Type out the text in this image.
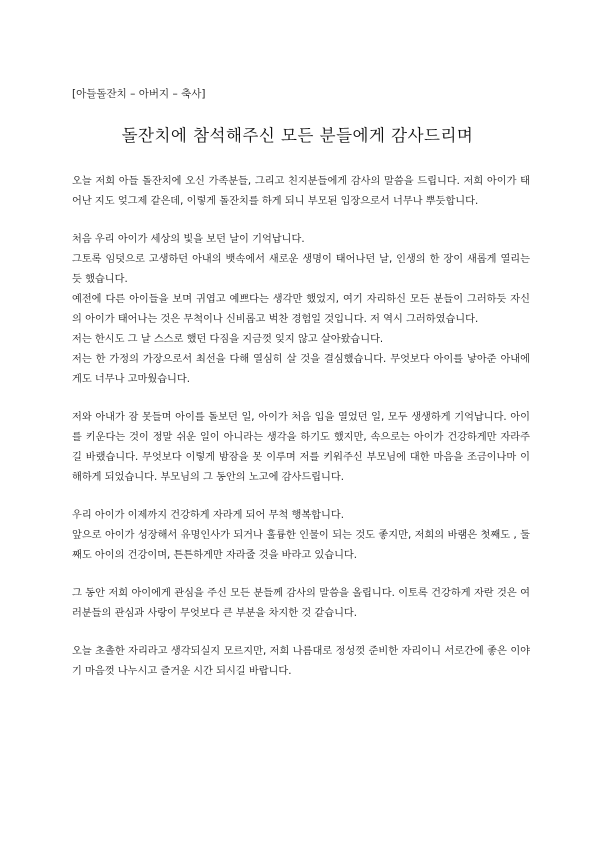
[아들돌잔치 – 아버지 – 축사]
돌잔치에 참석해주신 모든 분들에게 감사드리며

오늘 저희 아들 돌잔치에 오신 가족분들, 그리고 친지분들에게 감사의 말씀을 드립니다. 저희 아이가 태어난 지도 엊그제 같은데, 이렇게 돌잔치를 하게 되니 부모된 입장으로서 너무나 뿌듯합니다.

처음 우리 아이가 세상의 빛을 보던 날이 기억납니다.

그토록 임덧으로 고생하던 아내의 뱃속에서 새로운 생명이 태어나던 날, 인생의 한 장이 새롭게 열리는 듯 했습니다.

예전에 다른 아이들을 보며 귀엽고 예쁘다는 생각만 했었지, 여기 자리하신 모든 분들이 그러하듯 자신의 아이가 태어나는 것은 무척이나 신비롭고 벅찬 경험일 것입니다. 저 역시 그러하였습니다.

저는 한시도 그 날 스스로 했던 다짐을 지금껏 잊지 않고 살아왔습니다.

저는 한 가정의 가장으로서 최선을 다해 열심히 살 것을 결심했습니다. 무엇보다 아이를 낳아준 아내에게도 너무나 고마웠습니다.

저와 아내가 잠 못들며 아이를 돌보던 일, 아이가 처음 입을 열었던 일, 모두 생생하게 기억납니다. 아이를 키운다는 것이 정말 쉬운 일이 아니라는 생각을 하기도 했지만, 속으로는 아이가 건강하게만 자라주길 바랬습니다. 무엇보다 이렇게 밤잠을 못 이루며 저를 키워주신 부모님에 대한 마음을 조금이나마 이해하게 되었습니다. 부모님의 그 동안의 노고에 감사드립니다.

우리 아이가 이제까지 건강하게 자라게 되어 무척 행복합니다.

앞으로 아이가 성장해서 유명인사가 되거나 훌륭한 인물이 되는 것도 좋지만, 저희의 바램은 첫째도 , 둘째도 아이의 건강이며, 튼튼하게만 자라줄 것을 바라고 있습니다.

그 동안 저희 아이에게 관심을 주신 모든 분들께 감사의 말씀을 올립니다. 이토록 건강하게 자란 것은 여러분들의 관심과 사랑이 무엇보다 큰 부분을 차지한 것 같습니다.

오늘 초촐한 자리라고 생각되실지 모르지만, 저희 나름대로 정성껏 준비한 자리이니 서로간에 좋은 이야기 마음껏 나누시고 즐거운 시간 되시길 바랍니다.
